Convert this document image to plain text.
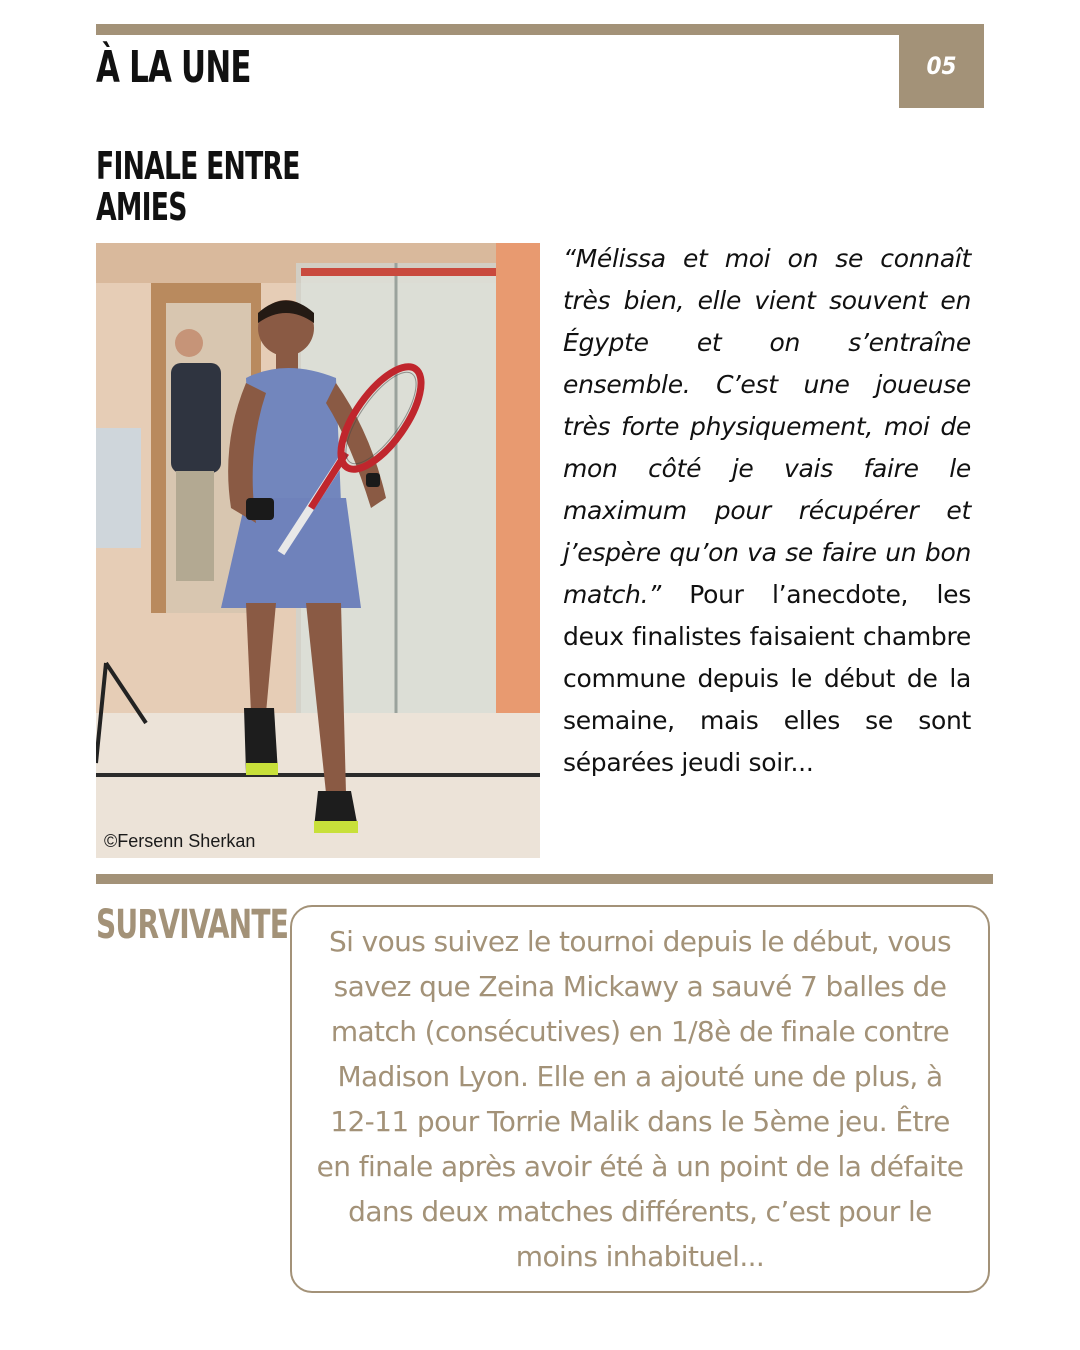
05
À LA UNE
FINALE ENTRE
AMIES
©Fersenn Sherkan

“Mélissa et moi on se connaît très bien, elle vient souvent en Égypte et on s’entraîne ensemble. C’est une joueuse très forte physiquement, moi de mon côté je vais faire le maximum pour récupérer et j’espère qu’on va se faire un bon match.” Pour l’anecdote, les deux finalistes faisaient chambre commune depuis le début de la semaine, mais elles se sont séparées jeudi soir...

SURVIVANTE	Si vous suivez le tournoi depuis le début, vous savez que Zeina Mickawy a sauvé 7 balles de match (consécutives) en 1/8è de finale contre Madison Lyon. Elle en a ajouté une de plus, à 12-11 pour Torrie Malik dans le 5ème jeu. Être en finale après avoir été à un point de la défaite dans deux matches différents, c’est pour le moins inhabituel...
